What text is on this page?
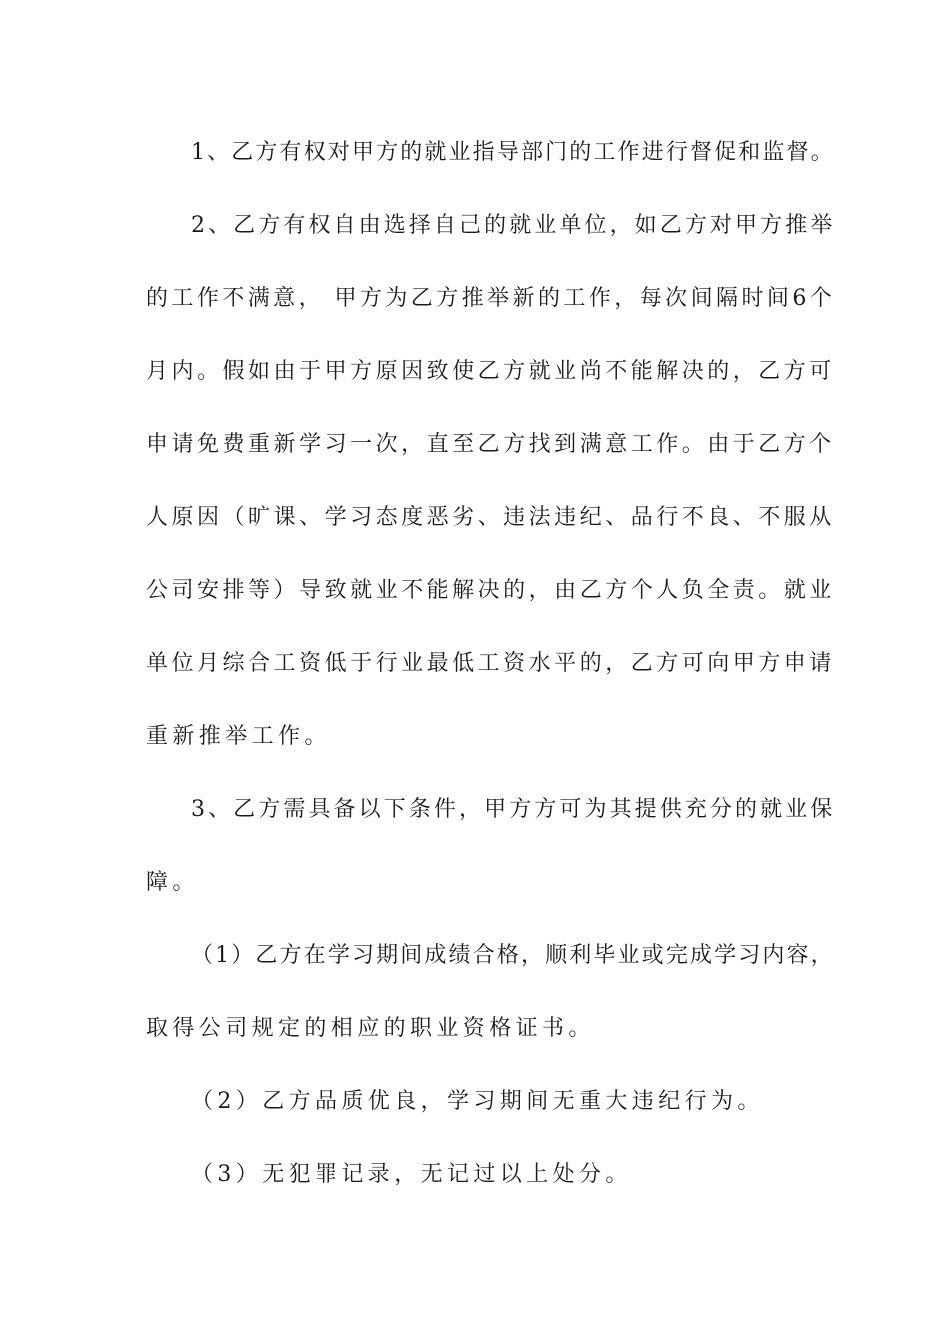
1、乙方有权对甲方的就业指导部门的工作进行督促和监督。
2、乙方有权自由选择自己的就业单位，如乙方对甲方推举
的工作不满意， 甲方为乙方推举新的工作，每次间隔时间6个
月内。假如由于甲方原因致使乙方就业尚不能解决的，乙方可
申请免费重新学习一次，直至乙方找到满意工作。由于乙方个
人原因（旷课、学习态度恶劣、违法违纪、品行不良、不服从
公司安排等）导致就业不能解决的，由乙方个人负全责。就业
单位月综合工资低于行业最低工资水平的，乙方可向甲方申请
重新推举工作。
3、乙方需具备以下条件，甲方方可为其提供充分的就业保
障。
（1）乙方在学习期间成绩合格，顺利毕业或完成学习内容，
取得公司规定的相应的职业资格证书。
（2）乙方品质优良，学习期间无重大违纪行为。
（3）无犯罪记录，无记过以上处分。
